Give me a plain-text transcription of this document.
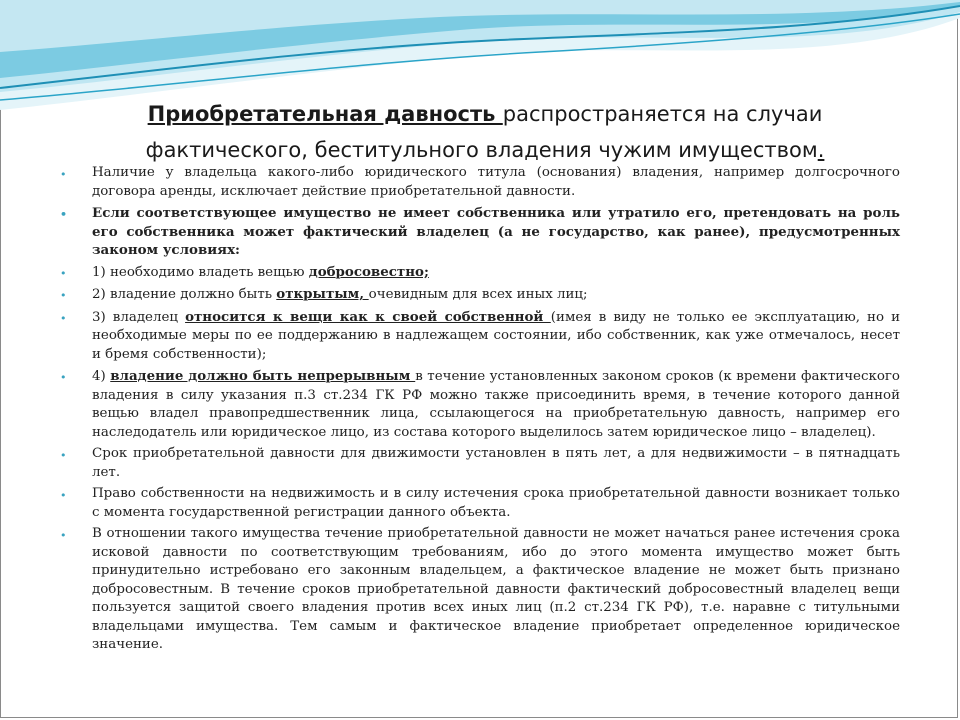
Приобретательная давность распространяется на случаи
фактического, беститульного владения чужим имуществом.
•	Наличие у владельца какого-либо юридического титула (основания) владения, например долгосрочного договора аренды, исключает действие приобретательной давности.
•	Если соответствующее имущество не имеет собственника или утратило его, претендовать на роль его собственника может фактический владелец (а не государство, как ранее), предусмотренных законом условиях:
•	1) необходимо владеть вещью добросовестно;
•	2) владение должно быть открытым, очевидным для всех иных лиц;
•	3) владелец относится к вещи как к своей собственной (имея в виду не только ее эксплуатацию, но и необходимые меры по ее поддержанию в надлежащем состоянии, ибо собственник, как уже отмечалось, несет и бремя собственности);
•	4) владение должно быть непрерывным в течение установленных законом сроков (к времени фактического владения в силу указания п.3 ст.234 ГК РФ можно также присоединить время, в течение которого данной вещью владел правопредшественник лица, ссылающегося на приобретательную давность, например его наследодатель или юридическое лицо, из состава которого выделилось затем юридическое лицо – владелец).
•	Срок приобретательной давности для движимости установлен в пять лет, а для недвижимости – в пятнадцать лет.
•	Право собственности на недвижимость и в силу истечения срока приобретательной давности возникает только с момента государственной регистрации данного объекта.
•	В отношении такого имущества течение приобретательной давности не может начаться ранее истечения срока исковой давности по соответствующим требованиям, ибо до этого момента имущество может быть принудительно истребовано его законным владельцем, а фактическое владение не может быть признано добросовестным. В течение сроков приобретательной давности фактический добросовестный владелец вещи пользуется защитой своего владения против всех иных лиц (п.2 ст.234 ГК РФ), т.е. наравне с титульными владельцами имущества. Тем самым и фактическое владение приобретает определенное юридическое значение.
